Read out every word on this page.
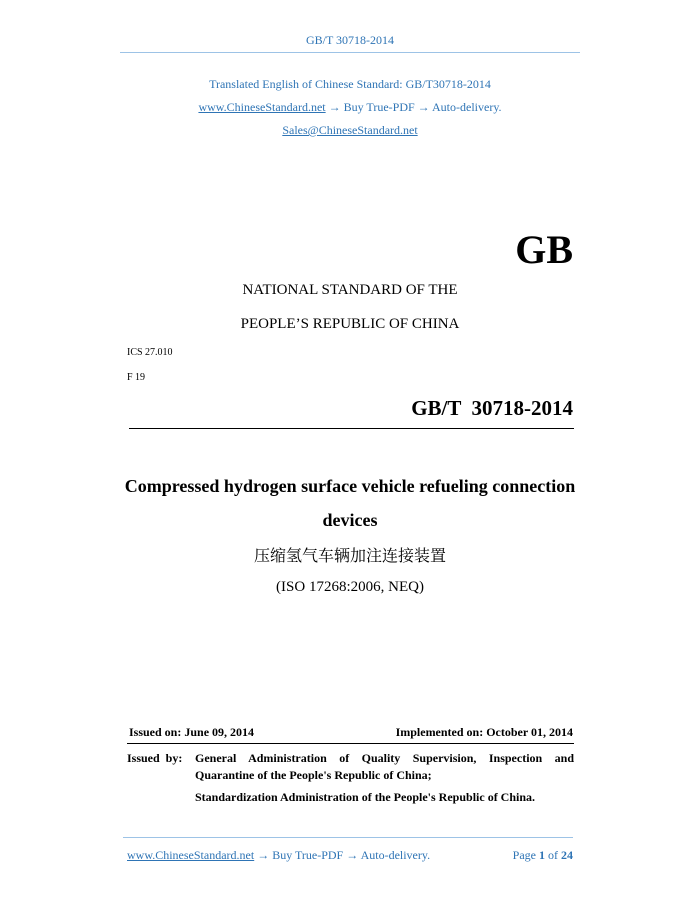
GB/T 30718-2014
Translated English of Chinese Standard: GB/T30718-2014
www.ChineseStandard.net → Buy True-PDF → Auto-delivery.
Sales@ChineseStandard.net
GB
NATIONAL STANDARD OF THE
PEOPLE’S REPUBLIC OF CHINA
ICS 27.010
F 19
GB/T  30718-2014
Compressed hydrogen surface vehicle refueling connection
devices
压缩氢气车辆加注连接装置
(ISO 17268:2006, NEQ)
Issued on: June 09, 2014	Implemented on: October 01, 2014
Issued  by: General Administration of Quality Supervision, Inspection and
Quarantine of the People's Republic of China;
Standardization Administration of the People's Republic of China.
www.ChineseStandard.net → Buy True-PDF → Auto-delivery.	Page 1 of 24
